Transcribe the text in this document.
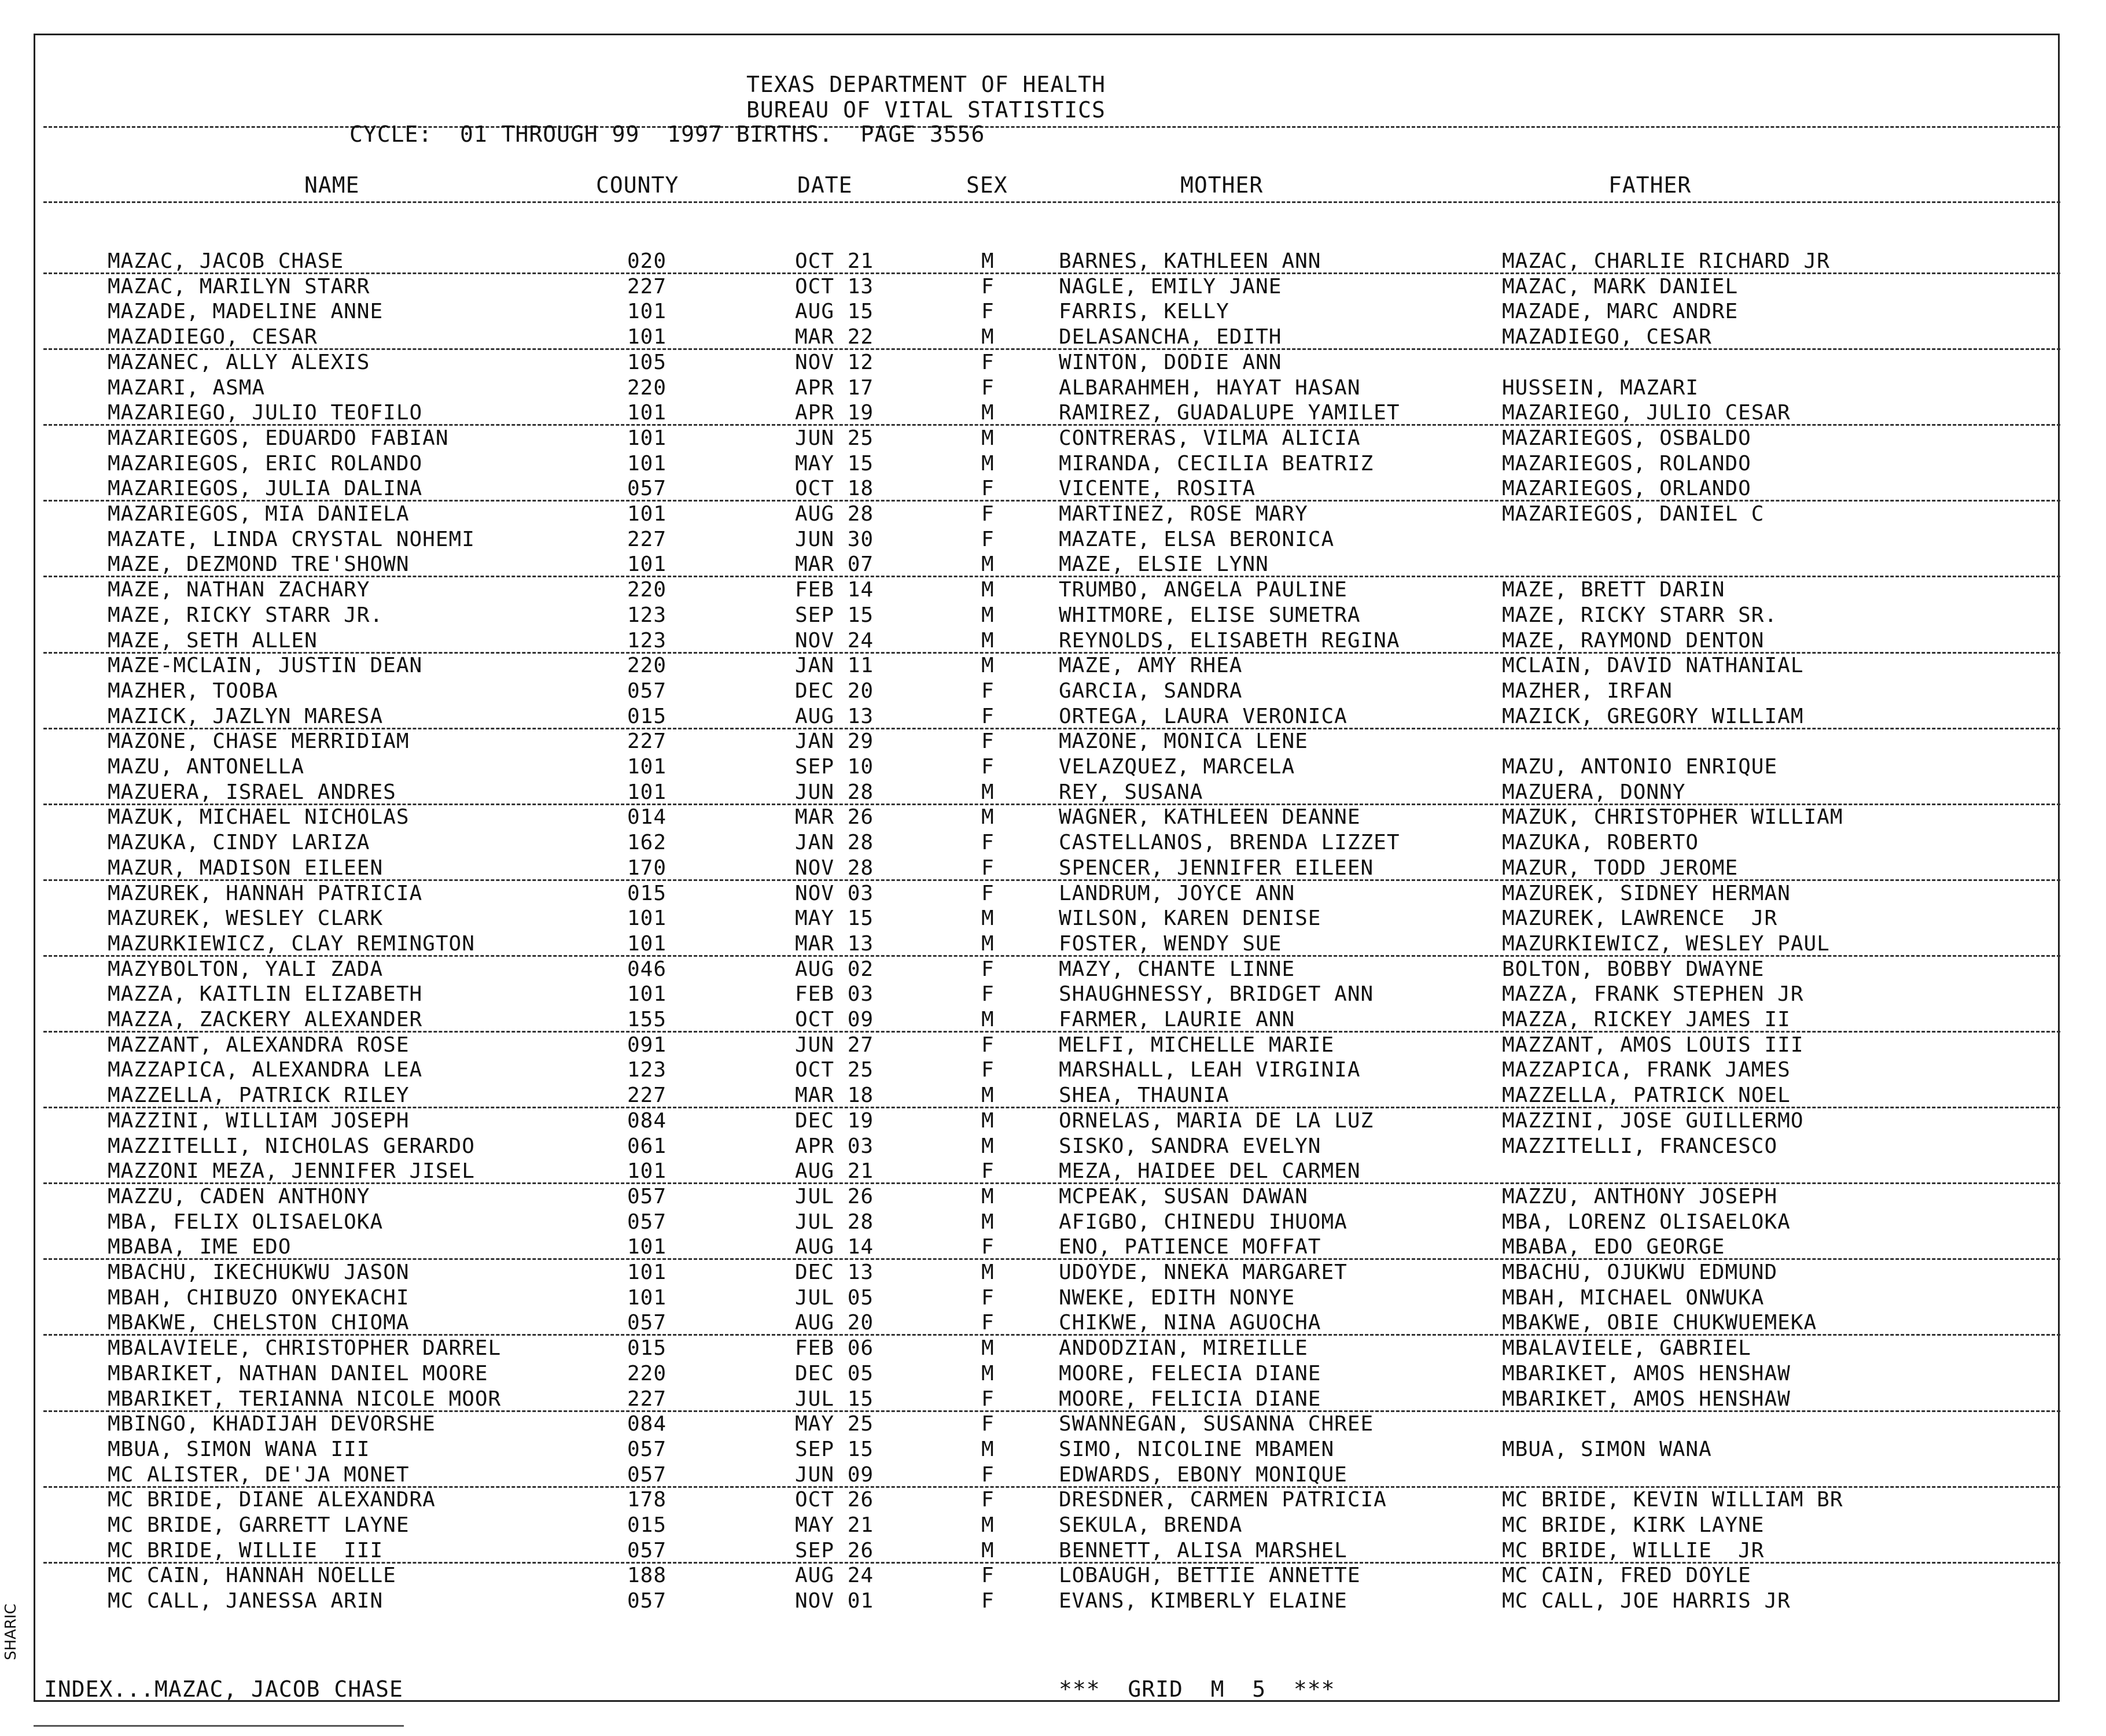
TEXAS DEPARTMENT OF HEALTH
BUREAU OF VITAL STATISTICS
CYCLE:  01 THROUGH 99  1997 BIRTHS.  PAGE 3556
NAME	COUNTY	DATE	SEX	MOTHER	FATHER
MAZAC, JACOB CHASE	020	OCT 21	M	BARNES, KATHLEEN ANN	MAZAC, CHARLIE RICHARD JR
MAZAC, MARILYN STARR	227	OCT 13	F	NAGLE, EMILY JANE	MAZAC, MARK DANIEL
MAZADE, MADELINE ANNE	101	AUG 15	F	FARRIS, KELLY	MAZADE, MARC ANDRE
MAZADIEGO, CESAR	101	MAR 22	M	DELASANCHA, EDITH	MAZADIEGO, CESAR
MAZANEC, ALLY ALEXIS	105	NOV 12	F	WINTON, DODIE ANN
MAZARI, ASMA	220	APR 17	F	ALBARAHMEH, HAYAT HASAN	HUSSEIN, MAZARI
MAZARIEGO, JULIO TEOFILO	101	APR 19	M	RAMIREZ, GUADALUPE YAMILET	MAZARIEGO, JULIO CESAR
MAZARIEGOS, EDUARDO FABIAN	101	JUN 25	M	CONTRERAS, VILMA ALICIA	MAZARIEGOS, OSBALDO
MAZARIEGOS, ERIC ROLANDO	101	MAY 15	M	MIRANDA, CECILIA BEATRIZ	MAZARIEGOS, ROLANDO
MAZARIEGOS, JULIA DALINA	057	OCT 18	F	VICENTE, ROSITA	MAZARIEGOS, ORLANDO
MAZARIEGOS, MIA DANIELA	101	AUG 28	F	MARTINEZ, ROSE MARY	MAZARIEGOS, DANIEL C
MAZATE, LINDA CRYSTAL NOHEMI	227	JUN 30	F	MAZATE, ELSA BERONICA
MAZE, DEZMOND TRE'SHOWN	101	MAR 07	M	MAZE, ELSIE LYNN
MAZE, NATHAN ZACHARY	220	FEB 14	M	TRUMBO, ANGELA PAULINE	MAZE, BRETT DARIN
MAZE, RICKY STARR JR.	123	SEP 15	M	WHITMORE, ELISE SUMETRA	MAZE, RICKY STARR SR.
MAZE, SETH ALLEN	123	NOV 24	M	REYNOLDS, ELISABETH REGINA	MAZE, RAYMOND DENTON
MAZE-MCLAIN, JUSTIN DEAN	220	JAN 11	M	MAZE, AMY RHEA	MCLAIN, DAVID NATHANIAL
MAZHER, TOOBA	057	DEC 20	F	GARCIA, SANDRA	MAZHER, IRFAN
MAZICK, JAZLYN MARESA	015	AUG 13	F	ORTEGA, LAURA VERONICA	MAZICK, GREGORY WILLIAM
MAZONE, CHASE MERRIDIAM	227	JAN 29	F	MAZONE, MONICA LENE
MAZU, ANTONELLA	101	SEP 10	F	VELAZQUEZ, MARCELA	MAZU, ANTONIO ENRIQUE
MAZUERA, ISRAEL ANDRES	101	JUN 28	M	REY, SUSANA	MAZUERA, DONNY
MAZUK, MICHAEL NICHOLAS	014	MAR 26	M	WAGNER, KATHLEEN DEANNE	MAZUK, CHRISTOPHER WILLIAM
MAZUKA, CINDY LARIZA	162	JAN 28	F	CASTELLANOS, BRENDA LIZZET	MAZUKA, ROBERTO
MAZUR, MADISON EILEEN	170	NOV 28	F	SPENCER, JENNIFER EILEEN	MAZUR, TODD JEROME
MAZUREK, HANNAH PATRICIA	015	NOV 03	F	LANDRUM, JOYCE ANN	MAZUREK, SIDNEY HERMAN
MAZUREK, WESLEY CLARK	101	MAY 15	M	WILSON, KAREN DENISE	MAZUREK, LAWRENCE  JR
MAZURKIEWICZ, CLAY REMINGTON	101	MAR 13	M	FOSTER, WENDY SUE	MAZURKIEWICZ, WESLEY PAUL
MAZYBOLTON, YALI ZADA	046	AUG 02	F	MAZY, CHANTE LINNE	BOLTON, BOBBY DWAYNE
MAZZA, KAITLIN ELIZABETH	101	FEB 03	F	SHAUGHNESSY, BRIDGET ANN	MAZZA, FRANK STEPHEN JR
MAZZA, ZACKERY ALEXANDER	155	OCT 09	M	FARMER, LAURIE ANN	MAZZA, RICKEY JAMES II
MAZZANT, ALEXANDRA ROSE	091	JUN 27	F	MELFI, MICHELLE MARIE	MAZZANT, AMOS LOUIS III
MAZZAPICA, ALEXANDRA LEA	123	OCT 25	F	MARSHALL, LEAH VIRGINIA	MAZZAPICA, FRANK JAMES
MAZZELLA, PATRICK RILEY	227	MAR 18	M	SHEA, THAUNIA	MAZZELLA, PATRICK NOEL
MAZZINI, WILLIAM JOSEPH	084	DEC 19	M	ORNELAS, MARIA DE LA LUZ	MAZZINI, JOSE GUILLERMO
MAZZITELLI, NICHOLAS GERARDO	061	APR 03	M	SISKO, SANDRA EVELYN	MAZZITELLI, FRANCESCO
MAZZONI MEZA, JENNIFER JISEL	101	AUG 21	F	MEZA, HAIDEE DEL CARMEN
MAZZU, CADEN ANTHONY	057	JUL 26	M	MCPEAK, SUSAN DAWAN	MAZZU, ANTHONY JOSEPH
MBA, FELIX OLISAELOKA	057	JUL 28	M	AFIGBO, CHINEDU IHUOMA	MBA, LORENZ OLISAELOKA
MBABA, IME EDO	101	AUG 14	F	ENO, PATIENCE MOFFAT	MBABA, EDO GEORGE
MBACHU, IKECHUKWU JASON	101	DEC 13	M	UDOYDE, NNEKA MARGARET	MBACHU, OJUKWU EDMUND
MBAH, CHIBUZO ONYEKACHI	101	JUL 05	F	NWEKE, EDITH NONYE	MBAH, MICHAEL ONWUKA
MBAKWE, CHELSTON CHIOMA	057	AUG 20	F	CHIKWE, NINA AGUOCHA	MBAKWE, OBIE CHUKWUEMEKA
MBALAVIELE, CHRISTOPHER DARREL	015	FEB 06	M	ANDODZIAN, MIREILLE	MBALAVIELE, GABRIEL
MBARIKET, NATHAN DANIEL MOORE	220	DEC 05	M	MOORE, FELECIA DIANE	MBARIKET, AMOS HENSHAW
MBARIKET, TERIANNA NICOLE MOOR	227	JUL 15	F	MOORE, FELICIA DIANE	MBARIKET, AMOS HENSHAW
MBINGO, KHADIJAH DEVORSHE	084	MAY 25	F	SWANNEGAN, SUSANNA CHREE
MBUA, SIMON WANA III	057	SEP 15	M	SIMO, NICOLINE MBAMEN	MBUA, SIMON WANA
MC ALISTER, DE'JA MONET	057	JUN 09	F	EDWARDS, EBONY MONIQUE
MC BRIDE, DIANE ALEXANDRA	178	OCT 26	F	DRESDNER, CARMEN PATRICIA	MC BRIDE, KEVIN WILLIAM BR
MC BRIDE, GARRETT LAYNE	015	MAY 21	M	SEKULA, BRENDA	MC BRIDE, KIRK LAYNE
MC BRIDE, WILLIE  III	057	SEP 26	M	BENNETT, ALISA MARSHEL	MC BRIDE, WILLIE  JR
MC CAIN, HANNAH NOELLE	188	AUG 24	F	LOBAUGH, BETTIE ANNETTE	MC CAIN, FRED DOYLE
MC CALL, JANESSA ARIN	057	NOV 01	F	EVANS, KIMBERLY ELAINE	MC CALL, JOE HARRIS JR
INDEX...MAZAC, JACOB CHASE	***  GRID  M  5  ***
SHARIC
